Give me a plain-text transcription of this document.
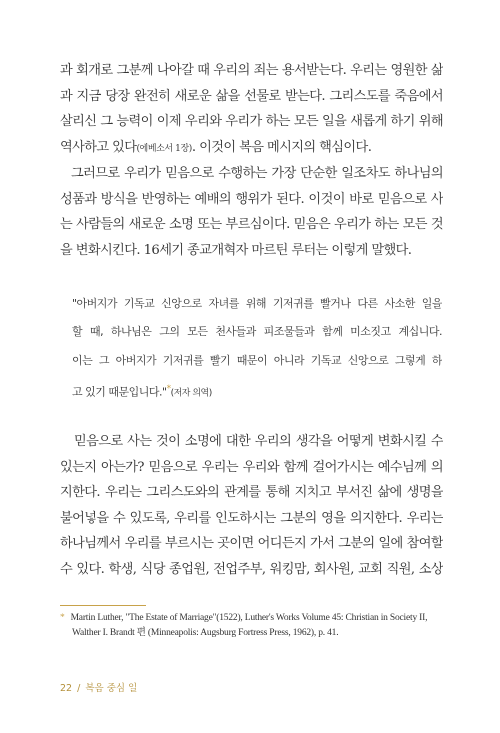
과 회개로 그분께 나아갈 때 우리의 죄는 용서받는다. 우리는 영원한 삶
과 지금 당장 완전히 새로운 삶을 선물로 받는다. 그리스도를 죽음에서
살리신 그 능력이 이제 우리와 우리가 하는 모든 일을 새롭게 하기 위해
역사하고 있다(에베소서 1장). 이것이 복음 메시지의 핵심이다.
그러므로 우리가 믿음으로 수행하는 가장 단순한 일조차도 하나님의
성품과 방식을 반영하는 예배의 행위가 된다. 이것이 바로 믿음으로 사
는 사람들의 새로운 소명 또는 부르심이다. 믿음은 우리가 하는 모든 것
을 변화시킨다. 16세기 종교개혁자 마르틴 루터는 이렇게 말했다.
"아버지가 기독교 신앙으로 자녀를 위해 기저귀를 빨거나 다른 사소한 일을
할 때, 하나님은 그의 모든 천사들과 피조물들과 함께 미소짓고 계십니다.
이는 그 아버지가 기저귀를 빨기 때문이 아니라 기독교 신앙으로 그렇게 하
고 있기 때문입니다."*(저자 의역)
믿음으로 사는 것이 소명에 대한 우리의 생각을 어떻게 변화시킬 수
있는지 아는가? 믿음으로 우리는 우리와 함께 걸어가시는 예수님께 의
지한다. 우리는 그리스도와의 관계를 통해 지치고 부서진 삶에 생명을
불어넣을 수 있도록, 우리를 인도하시는 그분의 영을 의지한다. 우리는
하나님께서 우리를 부르시는 곳이면 어디든지 가서 그분의 일에 참여할
수 있다. 학생, 식당 종업원, 전업주부, 워킹맘, 회사원, 교회 직원, 소상
* Martin Luther, "The Estate of Marriage"(1522), Luther's Works Volume 45: Christian in Society II,
Walther I. Brandt 편 (Minneapolis: Augsburg Fortress Press, 1962), p. 41.
22 / 복음 중심 일
